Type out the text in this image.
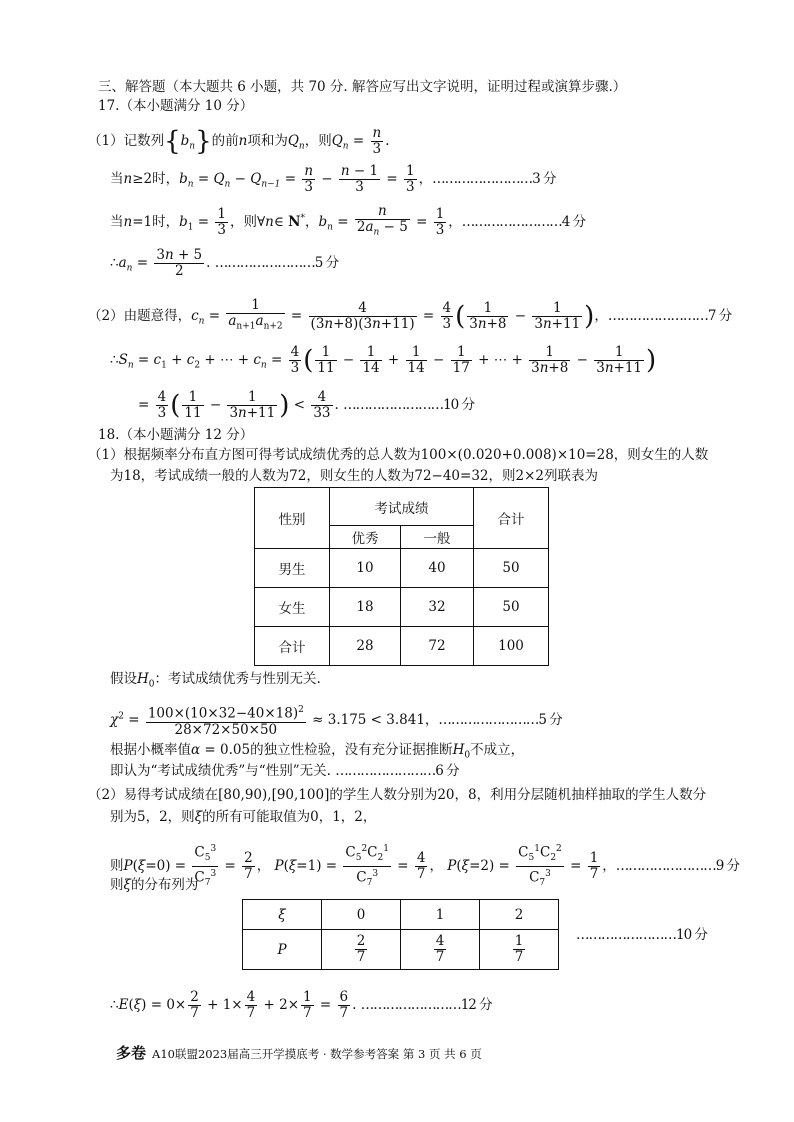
三、解答题（本大题共 6 小题，共 70 分. 解答应写出文字说明，证明过程或演算步骤.）
17.（本小题满分 10 分）
（1）记数列$\{b_n\}$的前n项和为$Q_n$，则$Q_n = \frac{n}{3}$ .
当n≥2时，$b_n = Q_n - Q_{n-1} = \frac{n}{3} - \frac{n - 1}{3} = \frac{1}{3}$ ，……………………3 分
当n=1时，$b_1 = \frac{1}{3}$ ，则∀n∈ N*，$b_n = \frac{n}{2a_n - 5} = \frac{1}{3}$ ，……………………4 分
$\therefore a_n = \frac{3n + 5}{2}$ . ……………………5 分
（2）由题意得，$c_n = \frac{1}{a_{n+1}a_{n+2}} = \frac{4}{(3n+8)(3n+11)} = \frac{4}{3}$ ( $\frac{1}{3n+8} - \frac{1}{3n+11}$ )，……………………7 分
$\therefore S_n = c_1 + c_2$ + ⋯ + $c_n = \frac{4}{3}$ ( $\frac{1}{11} - \frac{1}{14} + \frac{1}{14} - \frac{1}{17}$ + ⋯ + $\frac{1}{3n+8} - \frac{1}{3n+11}$ )
= $\frac{4}{3}$ ( $\frac{1}{11} - \frac{1}{3n+11}$ ) < $\frac{4}{33}$ . ……………………10 分
18.（本小题满分 12 分）
（1）根据频率分布直方图可得考试成绩优秀的总人数为100×(0.020+0.008)×10=28，则女生的人数
为18，考试成绩一般的人数为72，则女生的人数为72−40=32，则2×2列联表为
性别	考试成绩		合计
	优秀	一般	
男生	10	40	50
女生	18	32	50
合计	28	72	100
假设$H_0$：考试成绩优秀与性别无关.
$\chi^2 = \frac{100\times(10\times 32-40\times 18)^2}{28\times 72\times 50\times 50} \approx 3.175 < 3.841$，……………………5 分
根据小概率值α = 0.05的独立性检验，没有充分证据推断$H_0$不成立，
即认为“考试成绩优秀”与“性别”无关. ……………………6 分
（2）易得考试成绩在[80,90),[90,100]的学生人数分别为20，8，利用分层随机抽样抽取的学生人数分
别为5，2，则ξ的所有可能取值为0，1，2，
则$P(\xi=0) = \frac{C_5^3}{C_7^3} = \frac{2}{7}$ ， $P(\xi=1) = \frac{C_5^2C_2^1}{C_7^3} = \frac{4}{7}$ ， $P(\xi=2) = \frac{C_5^1C_2^2}{C_7^3} = \frac{1}{7}$ ，……………………9 分
则ξ的分布列为
ξ	0	1	2
P	$\frac{2}{7}$	$\frac{4}{7}$	$\frac{1}{7}$	……………………10 分
∴E(ξ) = $0\times \frac{2}{7} + 1\times \frac{4}{7} + 2\times \frac{1}{7} = \frac{6}{7}$ . ……………………12 分
多卷 A10联盟2023届高三开学摸底考 · 数学参考答案 第 3 页 共 6 页
